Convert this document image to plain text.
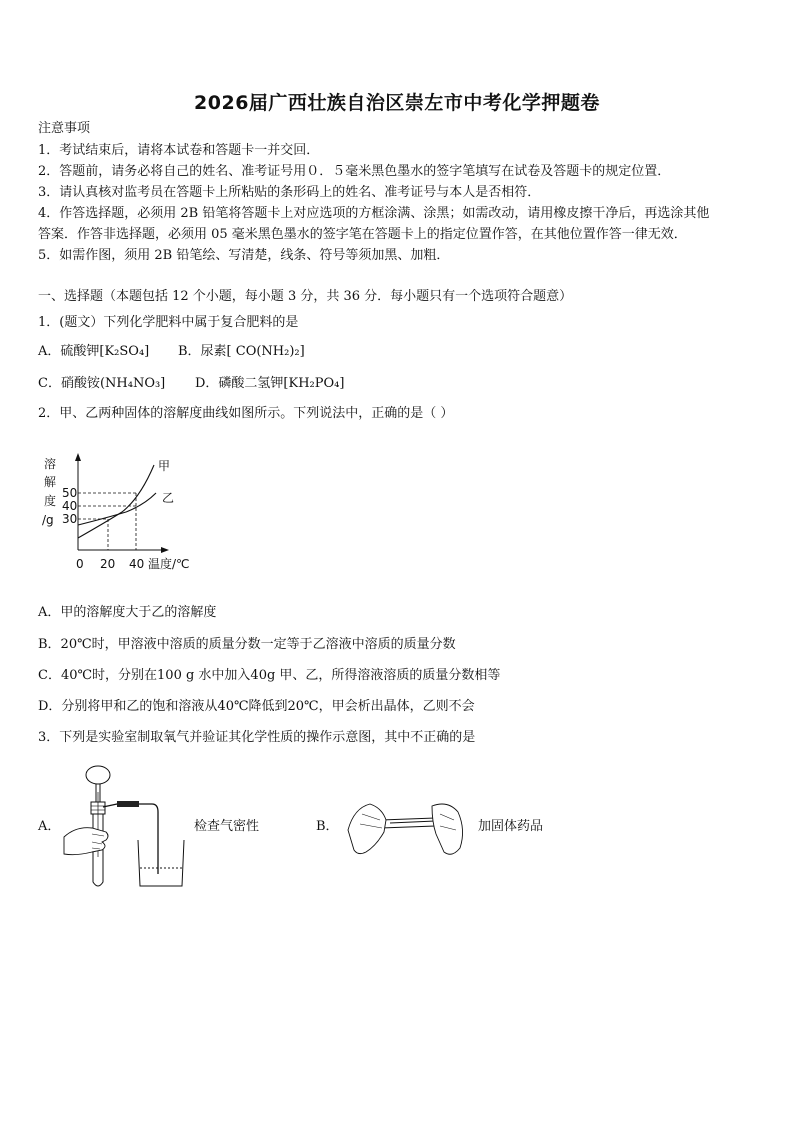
2026届广西壮族自治区崇左市中考化学押题卷
注意事项
1．考试结束后，请将本试卷和答题卡一并交回．
2．答题前，请务必将自己的姓名、准考证号用０．５毫米黑色墨水的签字笔填写在试卷及答题卡的规定位置．
3．请认真核对监考员在答题卡上所粘贴的条形码上的姓名、准考证号与本人是否相符．
4．作答选择题，必须用 2B 铅笔将答题卡上对应选项的方框涂满、涂黑；如需改动，请用橡皮擦干净后，再选涂其他
答案．作答非选择题，必须用 05 毫米黑色墨水的签字笔在答题卡上的指定位置作答，在其他位置作答一律无效．
5．如需作图，须用 2B 铅笔绘、写清楚，线条、符号等须加黑、加粗．
一、选择题（本题包括 12 个小题，每小题 3 分，共 36 分．每小题只有一个选项符合题意）
1．(题文）下列化学肥料中属于复合肥料的是
A．硫酸钾[K₂SO₄] B．尿素[ CO(NH₂)₂]
C．硝酸铵(NH₄NO₃] D．磷酸二氢钾[KH₂PO₄]
2．甲、乙两种固体的溶解度曲线如图所示。下列说法中，正确的是（ ）
溶
解
度
/g
50
40
30
0 20 40 温度/℃
甲
乙
A．甲的溶解度大于乙的溶解度
B．20℃时，甲溶液中溶质的质量分数一定等于乙溶液中溶质的质量分数
C．40℃时，分别在100 g 水中加入40g 甲、乙，所得溶液溶质的质量分数相等
D．分别将甲和乙的饱和溶液从40℃降低到20℃，甲会析出晶体，乙则不会
3．下列是实验室制取氧气并验证其化学性质的操作示意图，其中不正确的是
A．	检查气密性	B．	加固体药品
